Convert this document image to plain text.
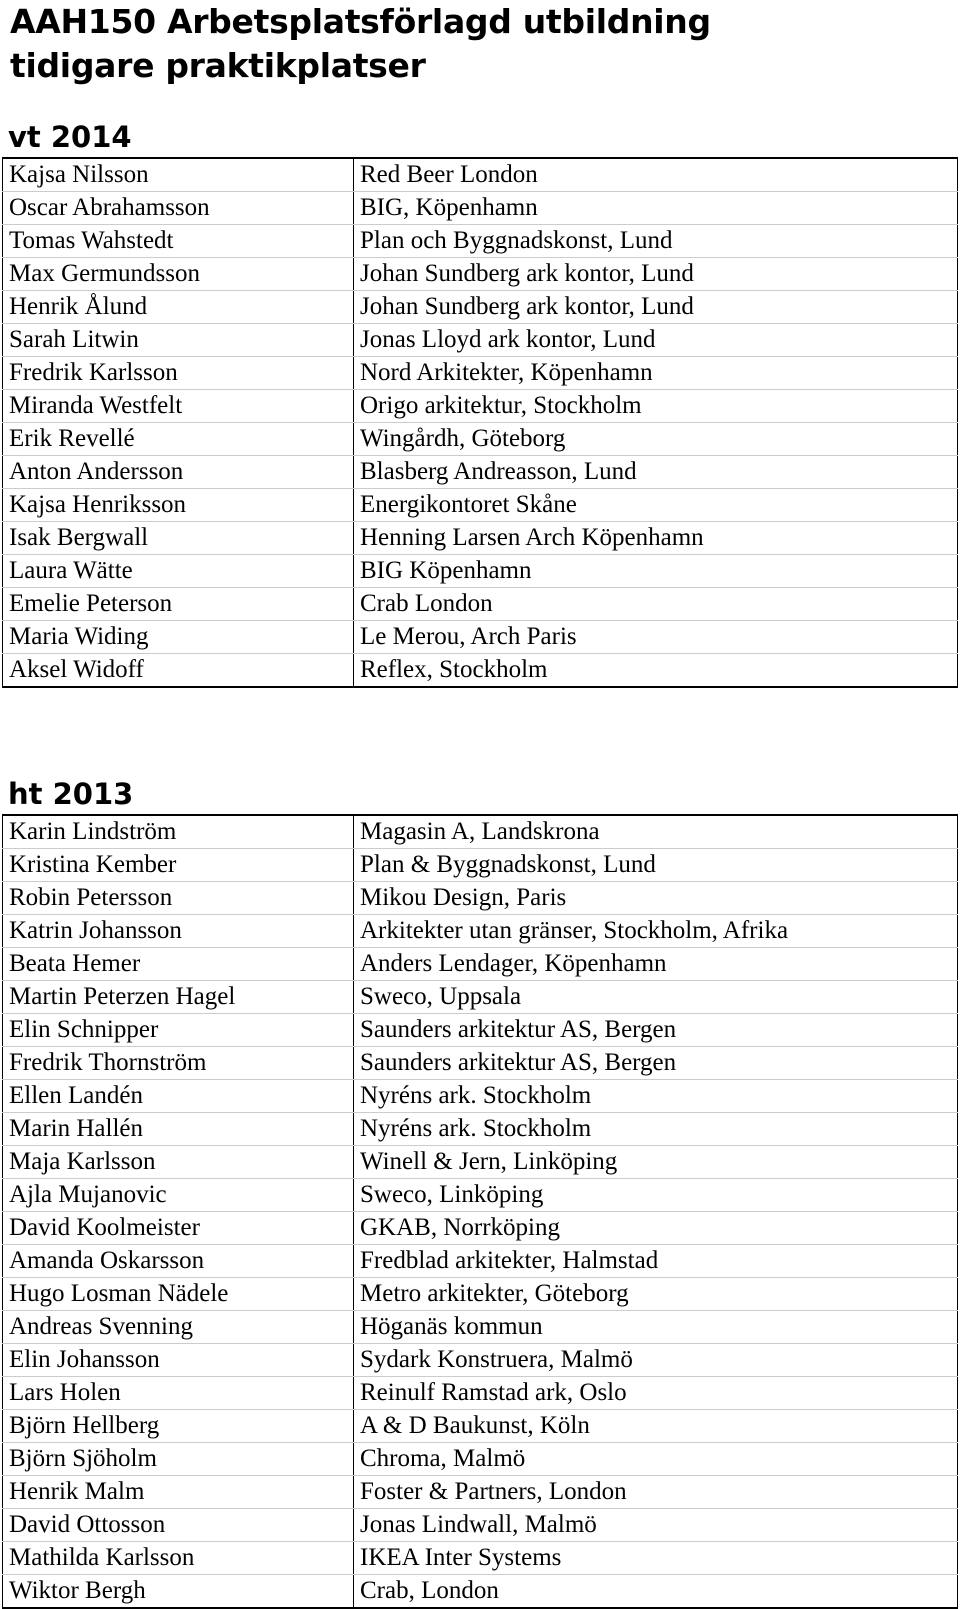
AAH150 Arbetsplatsförlagd utbildning
tidigare praktikplatser
vt 2014
Kajsa Nilsson	Red Beer London
Oscar Abrahamsson	BIG, Köpenhamn
Tomas Wahstedt	Plan och Byggnadskonst, Lund
Max Germundsson	Johan Sundberg ark kontor, Lund
Henrik Ålund	Johan Sundberg ark kontor, Lund
Sarah Litwin	Jonas Lloyd ark kontor, Lund
Fredrik Karlsson	Nord Arkitekter, Köpenhamn
Miranda Westfelt	Origo arkitektur, Stockholm
Erik Revellé	Wingårdh, Göteborg
Anton Andersson	Blasberg Andreasson, Lund
Kajsa Henriksson	Energikontoret Skåne
Isak Bergwall	Henning Larsen Arch Köpenhamn
Laura Wätte	BIG Köpenhamn
Emelie Peterson	Crab London
Maria Widing	Le Merou, Arch Paris
Aksel Widoff	Reflex, Stockholm
ht 2013
Karin Lindström	Magasin A, Landskrona
Kristina Kember	Plan & Byggnadskonst, Lund
Robin Petersson	Mikou Design, Paris
Katrin Johansson	Arkitekter utan gränser, Stockholm, Afrika
Beata Hemer	Anders Lendager, Köpenhamn
Martin Peterzen Hagel	Sweco, Uppsala
Elin Schnipper	Saunders arkitektur AS, Bergen
Fredrik Thornström	Saunders arkitektur AS, Bergen
Ellen Landén	Nyréns ark. Stockholm
Marin Hallén	Nyréns ark. Stockholm
Maja Karlsson	Winell & Jern, Linköping
Ajla Mujanovic	Sweco, Linköping
David Koolmeister	GKAB, Norrköping
Amanda Oskarsson	Fredblad arkitekter, Halmstad
Hugo Losman Nädele	Metro arkitekter, Göteborg
Andreas Svenning	Höganäs kommun
Elin Johansson	Sydark Konstruera, Malmö
Lars Holen	Reinulf Ramstad ark, Oslo
Björn Hellberg	A & D Baukunst, Köln
Björn Sjöholm	Chroma, Malmö
Henrik Malm	Foster & Partners, London
David Ottosson	Jonas Lindwall, Malmö
Mathilda Karlsson	IKEA Inter Systems
Wiktor Bergh	Crab, London
